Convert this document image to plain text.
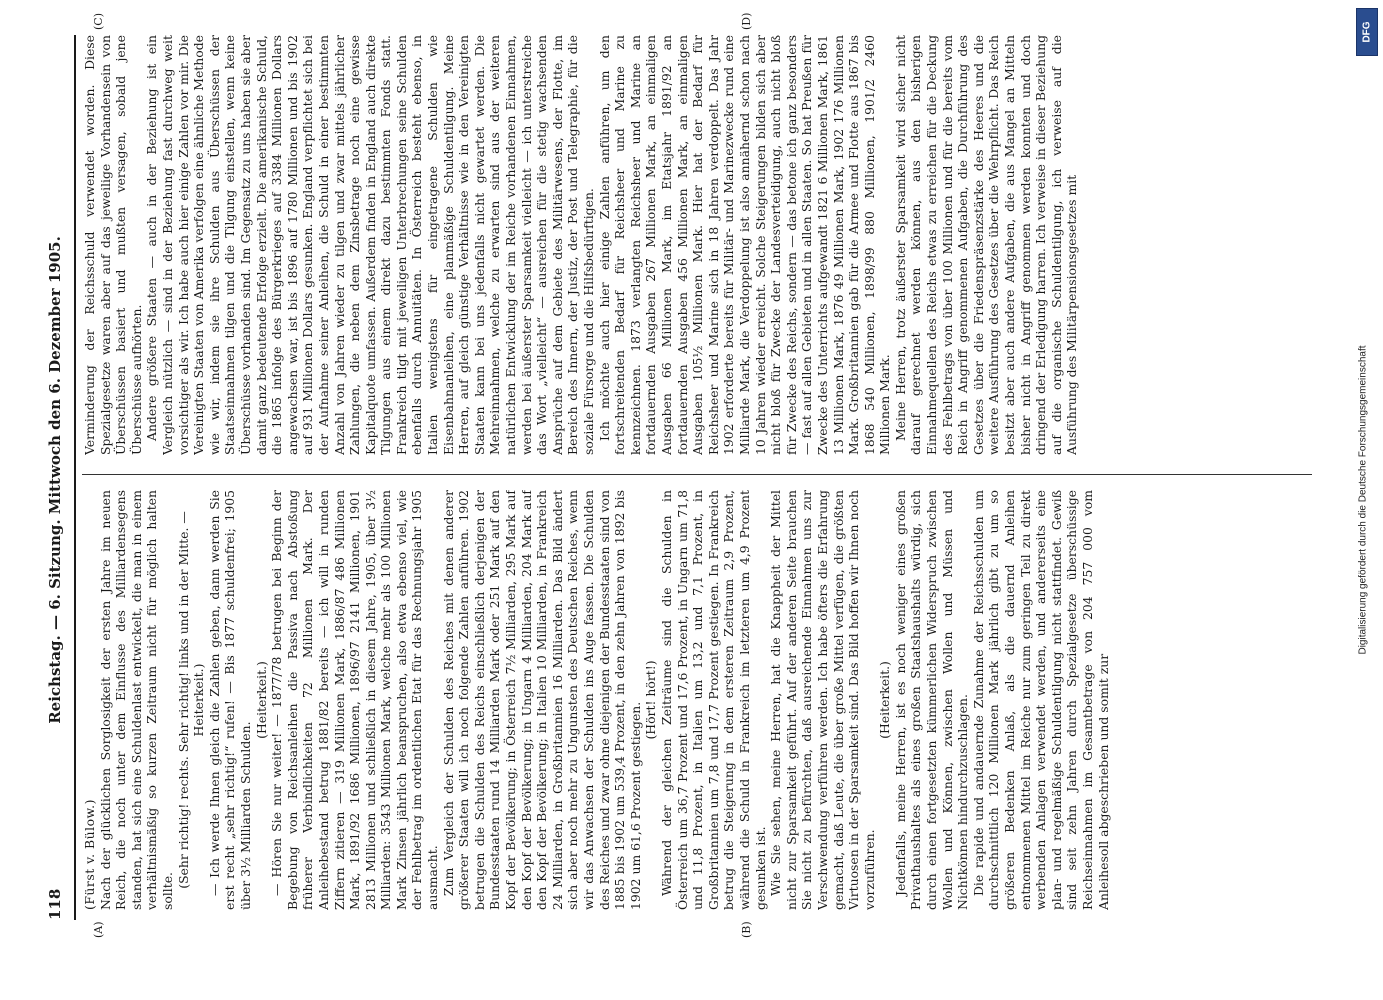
118
Reichstag. — 6. Sitzung. Mittwoch den 6. Dezember 1905.
(A)	(B)
(C)	(D)

(Fürst v. Bülow.) Nach der glücklichen Sorglosigkeit der ersten Jahre im neuen Reich, die noch unter dem Einflusse des Milliardensegens standen, hat sich eine Schuldenlast entwickelt, die man in einem verhältnismäßig so kurzen Zeitraum nicht für möglich halten sollte.

(Sehr richtig! rechts. Sehr richtig! links und in der Mitte. — Heiterkeit.) — Ich werde Ihnen gleich die Zahlen geben, dann werden Sie erst recht „sehr richtig!“ rufen! — Bis 1877 schuldenfrei; 1905 über 3½ Milliarden Schulden.

(Heiterkeit.) — Hören Sie nur weiter! — 1877/78 betrugen bei Beginn der Begebung von Reichsanleihen die Passiva nach Abstoßung früherer Verbindlichkeiten 72 Millionen Mark. Der Anleihebestand betrug 1881/82 bereits — ich will in runden Ziffern zitieren — 319 Millionen Mark, 1886/87 486 Millionen Mark, 1891/92 1686 Millionen, 1896/97 2141 Millionen, 1901 2813 Millionen und schließlich in diesem Jahre, 1905, über 3½ Milliarden: 3543 Millionen Mark, welche mehr als 100 Millionen Mark Zinsen jährlich beanspruchen, also etwa ebenso viel, wie der Fehlbetrag im ordentlichen Etat für das Rechnungsjahr 1905 ausmacht. Zum Vergleich der Schulden des Reiches mit denen anderer größerer Staaten will ich noch folgende Zahlen anführen. 1902 betrugen die Schulden des Reichs einschließlich derjenigen der Bundesstaaten rund 14 Milliarden Mark oder 251 Mark auf den Kopf der Bevölkerung; in Österreich 7½ Milliarden, 295 Mark auf den Kopf der Bevölkerung; in Ungarn 4 Milliarden, 204 Mark auf den Kopf der Bevölkerung; in Italien 10 Milliarden, in Frankreich 24 Milliarden, in Großbritannien 16 Milliarden. Das Bild ändert sich aber noch mehr zu Ungunsten des Deutschen Reiches, wenn wir das Anwachsen der Schulden ins Auge fassen. Die Schulden des Reiches und zwar ohne diejenigen der Bundesstaaten sind von 1885 bis 1902 um 539,4 Prozent, in den zehn Jahren von 1892 bis 1902 um 61,6 Prozent gestiegen.

(Hört! hört!) Während der gleichen Zeiträume sind die Schulden in Österreich um 36,7 Prozent und 17,6 Prozent, in Ungarn um 71,8 und 11,8 Prozent, in Italien um 13,2 und 7,1 Prozent, in Großbritannien um 7,8 und 17,7 Prozent gestiegen. In Frankreich betrug die Steigerung in dem ersteren Zeitraum 2,9 Prozent, während die Schuld in Frankreich im letzteren um 4,9 Prozent gesunken ist. Wie Sie sehen, meine Herren, hat die Knappheit der Mittel nicht zur Sparsamkeit geführt. Auf der anderen Seite brauchen Sie nicht zu befürchten, daß ausreichende Einnahmen uns zur Verschwendung verführen werden. Ich habe öfters die Erfahrung gemacht, daß Leute, die über große Mittel verfügen, die größten Virtuosen in der Sparsamkeit sind. Das Bild hoffen wir Ihnen noch vorzuführen.

(Heiterkeit.) Jedenfalls, meine Herren, ist es noch weniger eines großen Privathaushaltes als eines großen Staatshaushalts würdig, sich durch einen fortgesetzten kümmerlichen Widerspruch zwischen Wollen und Können, zwischen Wollen und Müssen und Nichtkönnen hindurchzuschlagen. Die rapide und andauernde Zunahme der Reichsschulden um durchschnittlich 120 Millionen Mark jährlich gibt zu um so größeren Bedenken Anlaß, als die dauernd Anleihen entnommenen Mittel im Reiche nur zum geringen Teil zu direkt werbenden Anlagen verwendet werden, und andererseits eine plan- und regelmäßige Schuldentilgung nicht stattfindet. Gewiß sind seit zehn Jahren durch Spezialgesetze überschüssige Reichseinnahmen im Gesamtbetrage von 204 757 000 vom Anleihesoll abgeschrieben und somit zur

Verminderung der Reichsschuld verwendet worden. Diese Spezialgesetze waren aber auf das jeweilige Vorhandensein von Überschüssen basiert und mußten versagen, sobald jene Überschüsse aufhörten. Andere größere Staaten — auch in der Beziehung ist ein Vergleich nützlich — sind in der Beziehung fast durchweg weit vorsichtiger als wir. Ich habe auch hier einige Zahlen vor mir. Die Vereinigten Staaten von Amerika verfolgen eine ähnliche Methode wie wir, indem sie ihre Schulden aus Überschüssen der Staatseinnahmen tilgen und die Tilgung einstellen, wenn keine Überschüsse vorhanden sind. Im Gegensatz zu uns haben sie aber damit ganz bedeutende Erfolge erzielt. Die amerikanische Schuld, die 1865 infolge des Bürgerkrieges auf 3384 Millionen Dollars angewachsen war, ist bis 1896 auf 1780 Millionen und bis 1902 auf 931 Millionen Dollars gesunken. England verpflichtet sich bei der Aufnahme seiner Anleihen, die Schuld in einer bestimmten Anzahl von Jahren wieder zu tilgen und zwar mittels jährlicher Zahlungen, die neben dem Zinsbetrage noch eine gewisse Kapitalquote umfassen. Außerdem finden in England auch direkte Tilgungen aus einem direkt dazu bestimmten Fonds statt. Frankreich tilgt mit jeweiligen Unterbrechungen seine Schulden ebenfalls durch Annuitäten. In Österreich besteht ebenso, in Italien wenigstens für eingetragene Schulden wie Eisenbahnanleihen, eine planmäßige Schuldentilgung. Meine Herren, auf gleich günstige Verhältnisse wie in den Vereinigten Staaten kann bei uns jedenfalls nicht gewartet werden. Die Mehreinnahmen, welche zu erwarten sind aus der weiteren natürlichen Entwicklung der im Reiche vorhandenen Einnahmen, werden bei äußerster Sparsamkeit vielleicht — ich unterstreiche das Wort „vielleicht“ — ausreichen für die stetig wachsenden Ansprüche auf dem Gebiete des Militärwesens, der Flotte, im Bereich des Innern, der Justiz, der Post und Telegraphie, für die soziale Fürsorge und die Hilfsbedürftigen. Ich möchte auch hier einige Zahlen anführen, um den fortschreitenden Bedarf für Reichsheer und Marine zu kennzeichnen. 1873 verlangten Reichsheer und Marine an fortdauernden Ausgaben 267 Millionen Mark, an einmaligen Ausgaben 66 Millionen Mark, im Etatsjahr 1891/92 an fortdauernden Ausgaben 456 Millionen Mark, an einmaligen Ausgaben 105½ Millionen Mark. Hier hat der Bedarf für Reichsheer und Marine sich in 18 Jahren verdoppelt. Das Jahr 1902 erforderte bereits für Militär- und Marinezwecke rund eine Milliarde Mark, die Verdoppelung ist also annähernd schon nach 10 Jahren wieder erreicht. Solche Steigerungen bilden sich aber nicht bloß für Zwecke der Landesverteidigung, auch nicht bloß für Zwecke des Reichs, sondern — das betone ich ganz besonders — fast auf allen Gebieten und in allen Staaten. So hat Preußen für Zwecke des Unterrichts aufgewandt 1821 6 Millionen Mark, 1861 13 Millionen Mark, 1876 49 Millionen Mark, 1902 176 Millionen Mark. Großbritannien gab für die Armee und Flotte aus 1867 bis 1868 540 Millionen, 1898/99 880 Millionen, 1901/2 2460 Millionen Mark. Meine Herren, trotz äußerster Sparsamkeit wird sicher nicht darauf gerechnet werden können, aus den bisherigen Einnahmequellen des Reichs etwas zu erreichen für die Deckung des Fehlbetrags von über 100 Millionen und für die bereits vom Reich in Angriff genommenen Aufgaben, die Durchführung des Gesetzes über die Friedenspräsenzstärke des Heeres und die weitere Ausführung des Gesetzes über die Wehrpflicht. Das Reich besitzt aber auch andere Aufgaben, die aus Mangel an Mitteln bisher nicht in Angriff genommen werden konnten und doch dringend der Erledigung harren. Ich verweise in dieser Beziehung auf die organische Schuldentilgung, ich verweise auf die Ausführung des Militärpensionsgesetzes mit

DFG
Digitalisierung gefördert durch die Deutsche Forschungsgemeinschaft
